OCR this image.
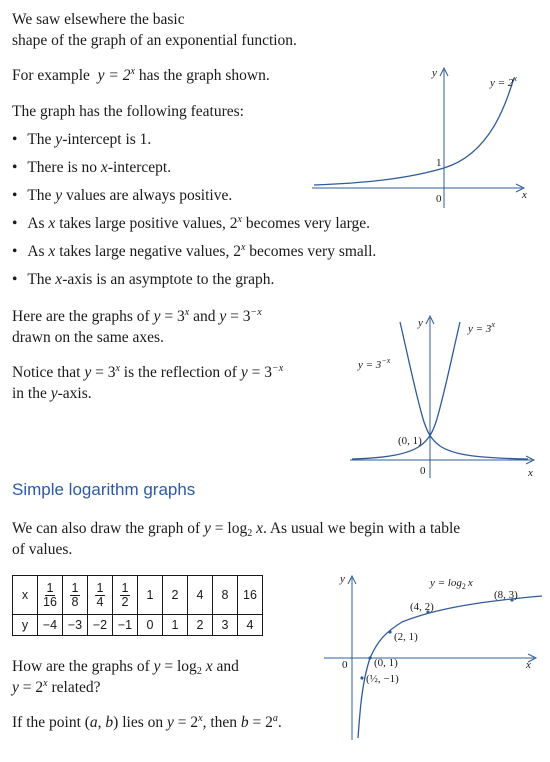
We saw elsewhere the basic
shape of the graph of an exponential function.
For example $y = 2^x$ has the graph shown.
The graph has the following features:
• The y-intercept is 1.
• There is no x-intercept.
• The y values are always positive.
• As x takes large positive values, 2$^x$ becomes very large.
• As x takes large negative values, 2$^x$ becomes very small.
• The x-axis is an asymptote to the graph.
y
x
0
1
$y = 2^x$
Here are the graphs of $y = 3^x$ and $y = 3^{-x}$
drawn on the same axes.
Notice that $y = 3^x$ is the reflection of $y = 3^{-x}$
in the y-axis.
y
x
0
(0, 1)
$y = 3^x$
$y = 3^{-x}$
Simple logarithm graphs
We can also draw the graph of $y = \log_2 x$. As usual we begin with a table
of values.
x	$\frac{1}{16}$	$\frac{1}{8}$	$\frac{1}{4}$	$\frac{1}{2}$	1	2	4	8	16
y	−4	−3	−2	−1	0	1	2	3	4
y
x
0
$y = \log_2 x$
(8, 3)
(4, 2)
(2, 1)
(0, 1)
(½, −1)
How are the graphs of $y = \log_2 x$ and
$y = 2^x$ related?
If the point (a, b) lies on $y = 2^x$, then $b = 2^a$.
